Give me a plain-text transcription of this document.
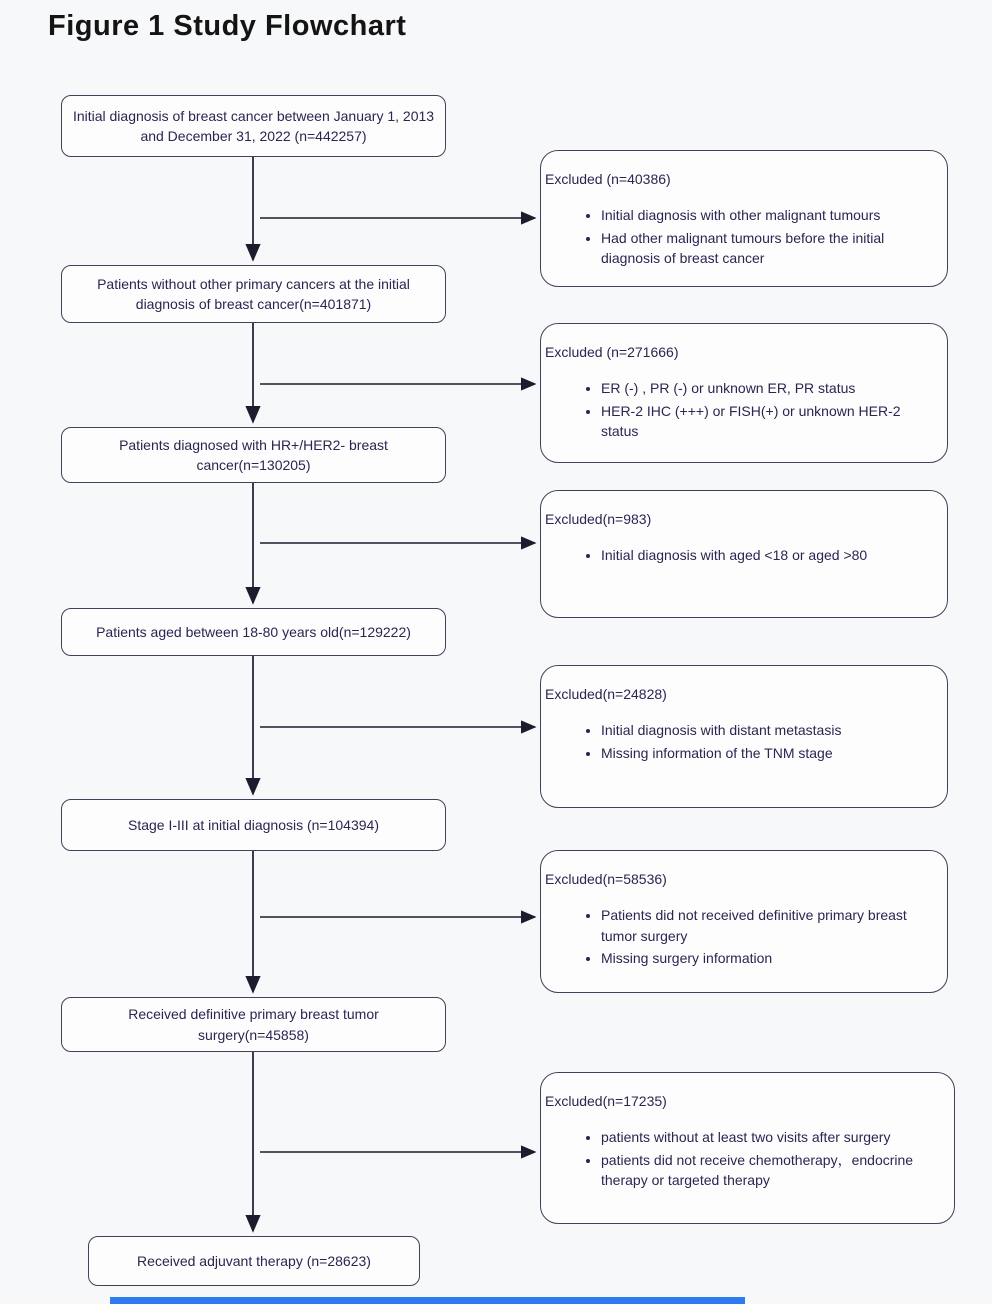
Figure 1 Study Flowchart
Initial diagnosis of breast cancer between January 1, 2013 and December 31, 2022 (n=442257)
Patients without other primary cancers at the initial diagnosis of breast cancer(n=401871)
Patients diagnosed with HR+/HER2- breast cancer(n=130205)
Patients aged between 18-80 years old(n=129222)
Stage I-III at initial diagnosis (n=104394)
Received definitive primary breast tumor surgery(n=45858)
Received adjuvant therapy (n=28623)
Excluded (n=40386)
• Initial diagnosis with other malignant tumours
• Had other malignant tumours before the initial diagnosis of breast cancer
Excluded (n=271666)
• ER (-) , PR (-) or unknown ER, PR status
• HER-2 IHC (+++) or FISH(+) or unknown HER-2 status
Excluded(n=983)
• Initial diagnosis with aged <18 or aged >80
Excluded(n=24828)
• Initial diagnosis with distant metastasis
• Missing information of the TNM stage
Excluded(n=58536)
• Patients did not received definitive primary breast tumor surgery
• Missing surgery information
Excluded(n=17235)
• patients without at least two visits after surgery
• patients did not receive chemotherapy，endocrine therapy or targeted therapy
